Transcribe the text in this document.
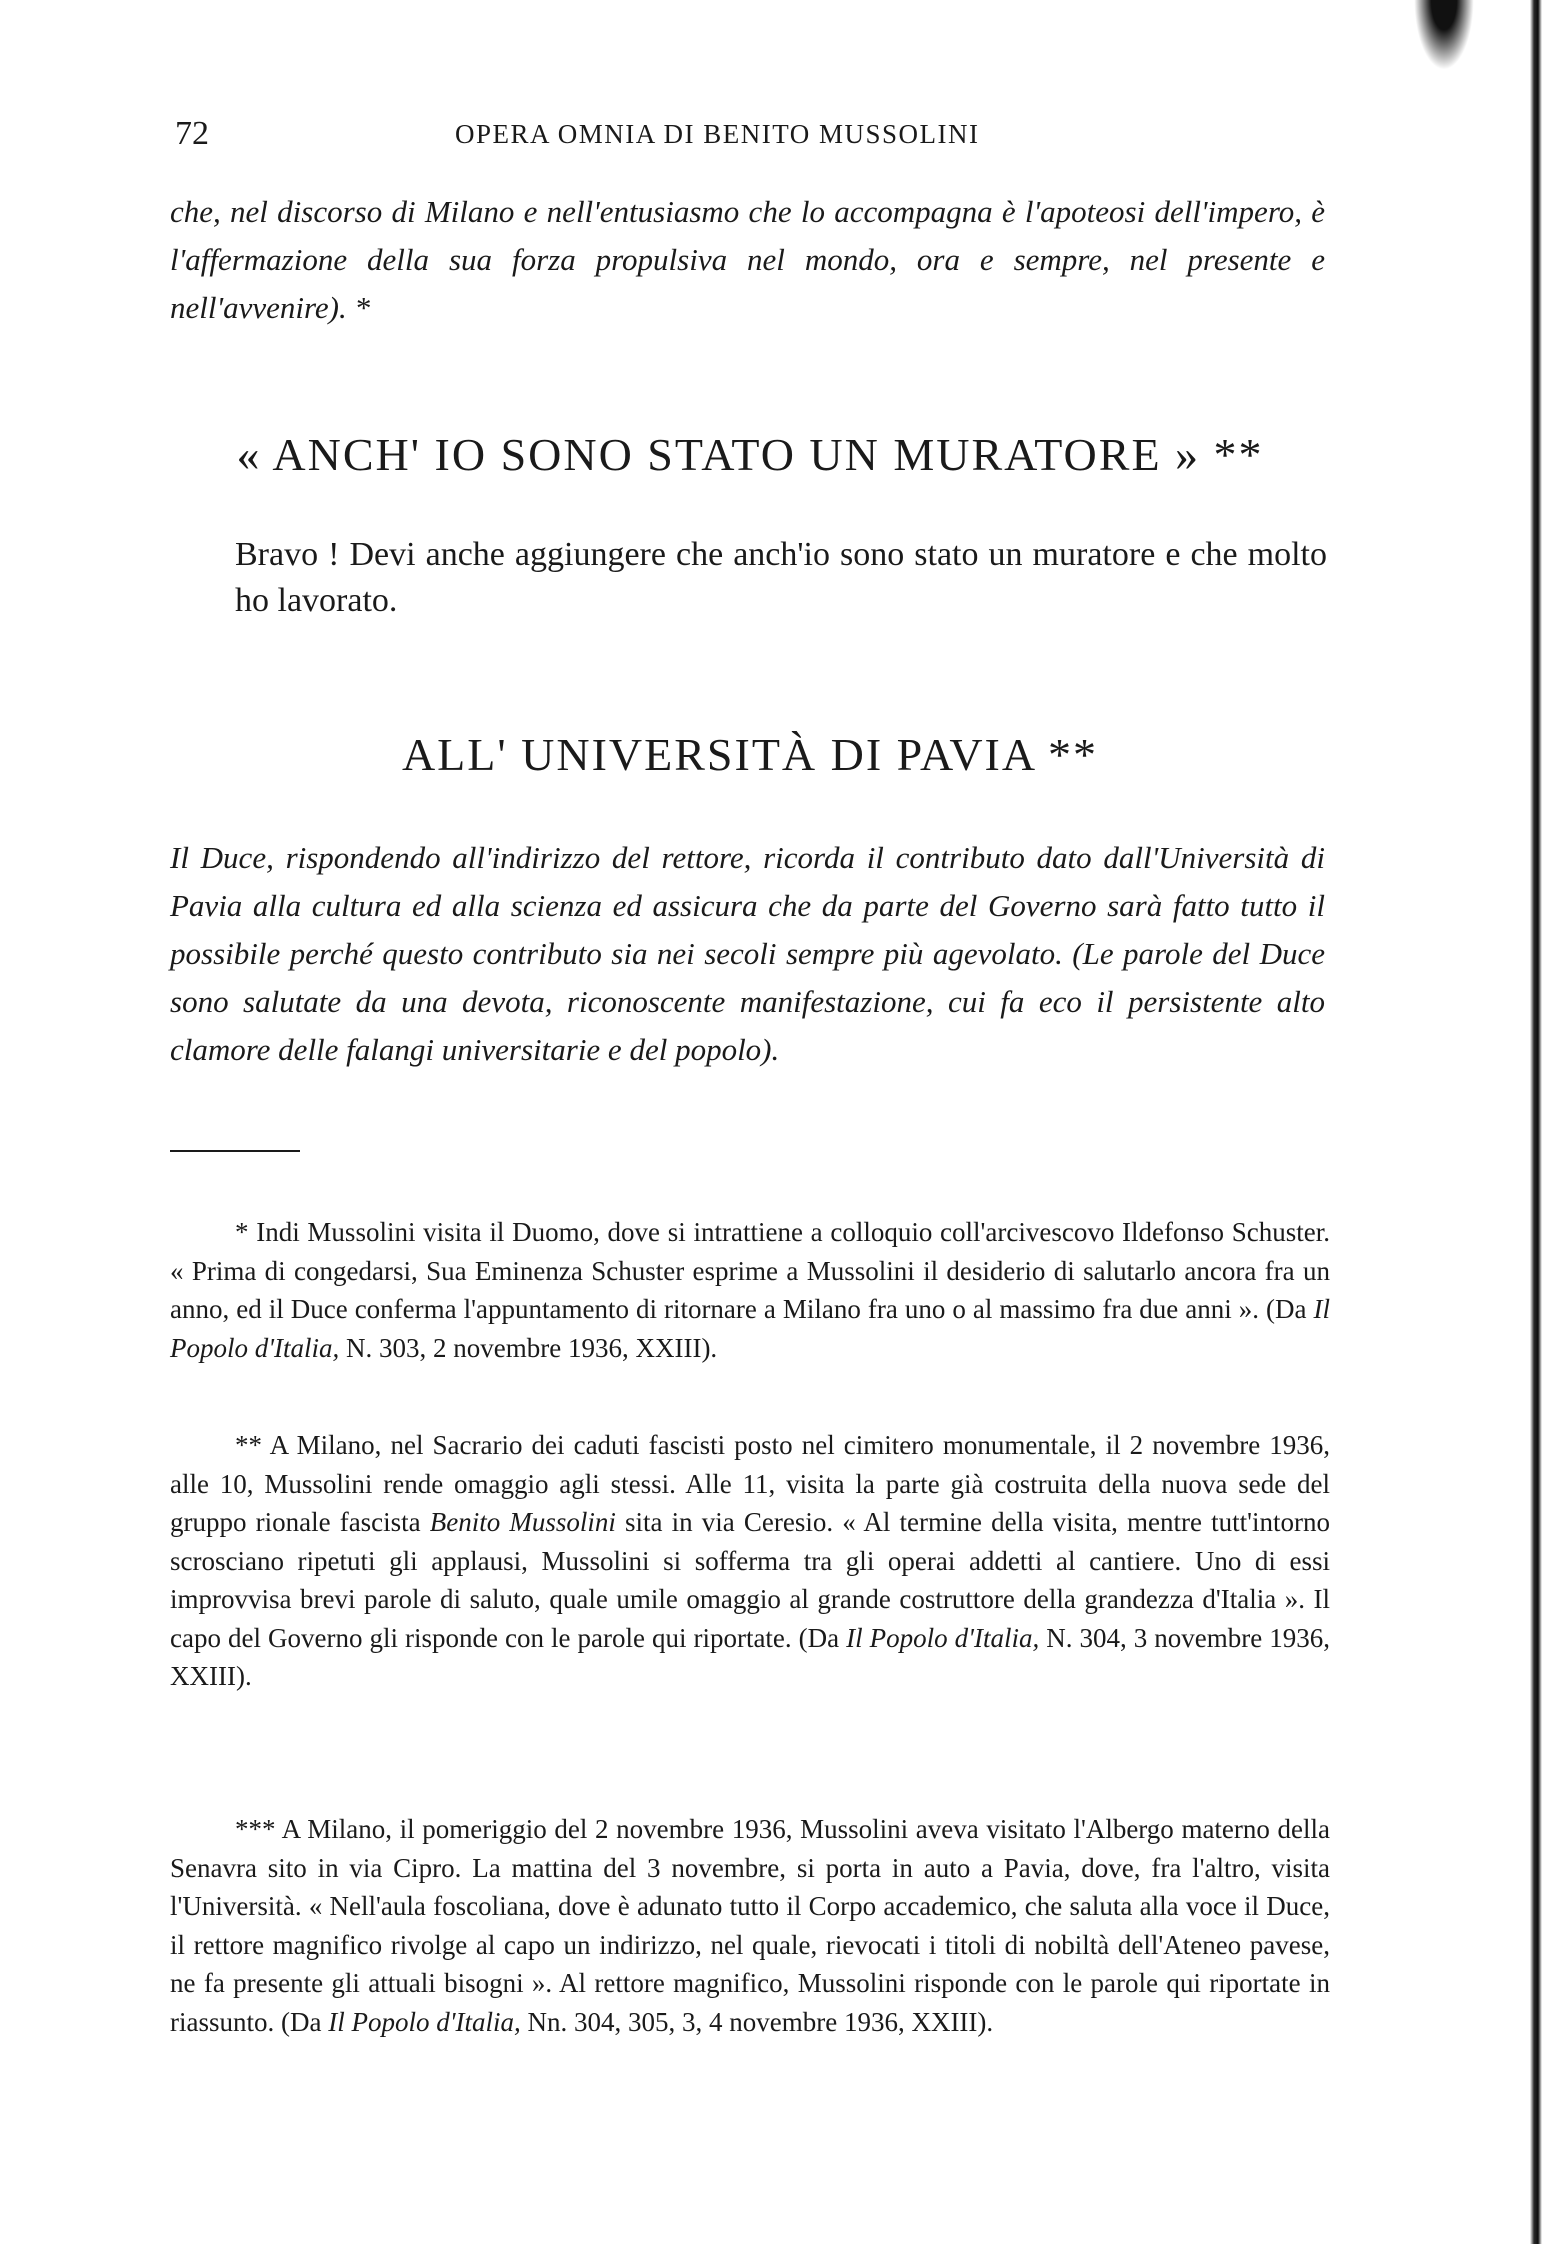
72	OPERA OMNIA DI BENITO MUSSOLINI

che, nel discorso di Milano e nell'entusiasmo che lo accompagna è l'apoteosi dell'impero, è l'affermazione della sua forza propulsiva nel mondo, ora e sempre, nel presente e nell'avvenire). *

« ANCH' IO SONO STATO UN MURATORE » **

Bravo ! Devi anche aggiungere che anch'io sono stato un muratore e che molto ho lavorato.

ALL' UNIVERSITÀ DI PAVIA **

Il Duce, rispondendo all'indirizzo del rettore, ricorda il contributo dato dall'Università di Pavia alla cultura ed alla scienza ed assicura che da parte del Governo sarà fatto tutto il possibile perché questo contributo sia nei secoli sempre più agevolato. (Le parole del Duce sono salutate da una devota, riconoscente manifestazione, cui fa eco il persistente alto clamore delle falangi universitarie e del popolo).

* Indi Mussolini visita il Duomo, dove si intrattiene a colloquio coll'arcivescovo Ildefonso Schuster. « Prima di congedarsi, Sua Eminenza Schuster esprime a Mussolini il desiderio di salutarlo ancora fra un anno, ed il Duce conferma l'appuntamento di ritornare a Milano fra uno o al massimo fra due anni ». (Da Il Popolo d'Italia, N. 303, 2 novembre 1936, XXIII).

** A Milano, nel Sacrario dei caduti fascisti posto nel cimitero monumentale, il 2 novembre 1936, alle 10, Mussolini rende omaggio agli stessi. Alle 11, visita la parte già costruita della nuova sede del gruppo rionale fascista Benito Mussolini sita in via Ceresio. « Al termine della visita, mentre tutt'intorno scrosciano ripetuti gli applausi, Mussolini si sofferma tra gli operai addetti al cantiere. Uno di essi improvvisa brevi parole di saluto, quale umile omaggio al grande costruttore della grandezza d'Italia ». Il capo del Governo gli risponde con le parole qui riportate. (Da Il Popolo d'Italia, N. 304, 3 novembre 1936, XXIII).

*** A Milano, il pomeriggio del 2 novembre 1936, Mussolini aveva visitato l'Albergo materno della Senavra sito in via Cipro. La mattina del 3 novembre, si porta in auto a Pavia, dove, fra l'altro, visita l'Università. « Nell'aula foscoliana, dove è adunato tutto il Corpo accademico, che saluta alla voce il Duce, il rettore magnifico rivolge al capo un indirizzo, nel quale, rievocati i titoli di nobiltà dell'Ateneo pavese, ne fa presente gli attuali bisogni ». Al rettore magnifico, Mussolini risponde con le parole qui riportate in riassunto. (Da Il Popolo d'Italia, Nn. 304, 305, 3, 4 novembre 1936, XXIII).
